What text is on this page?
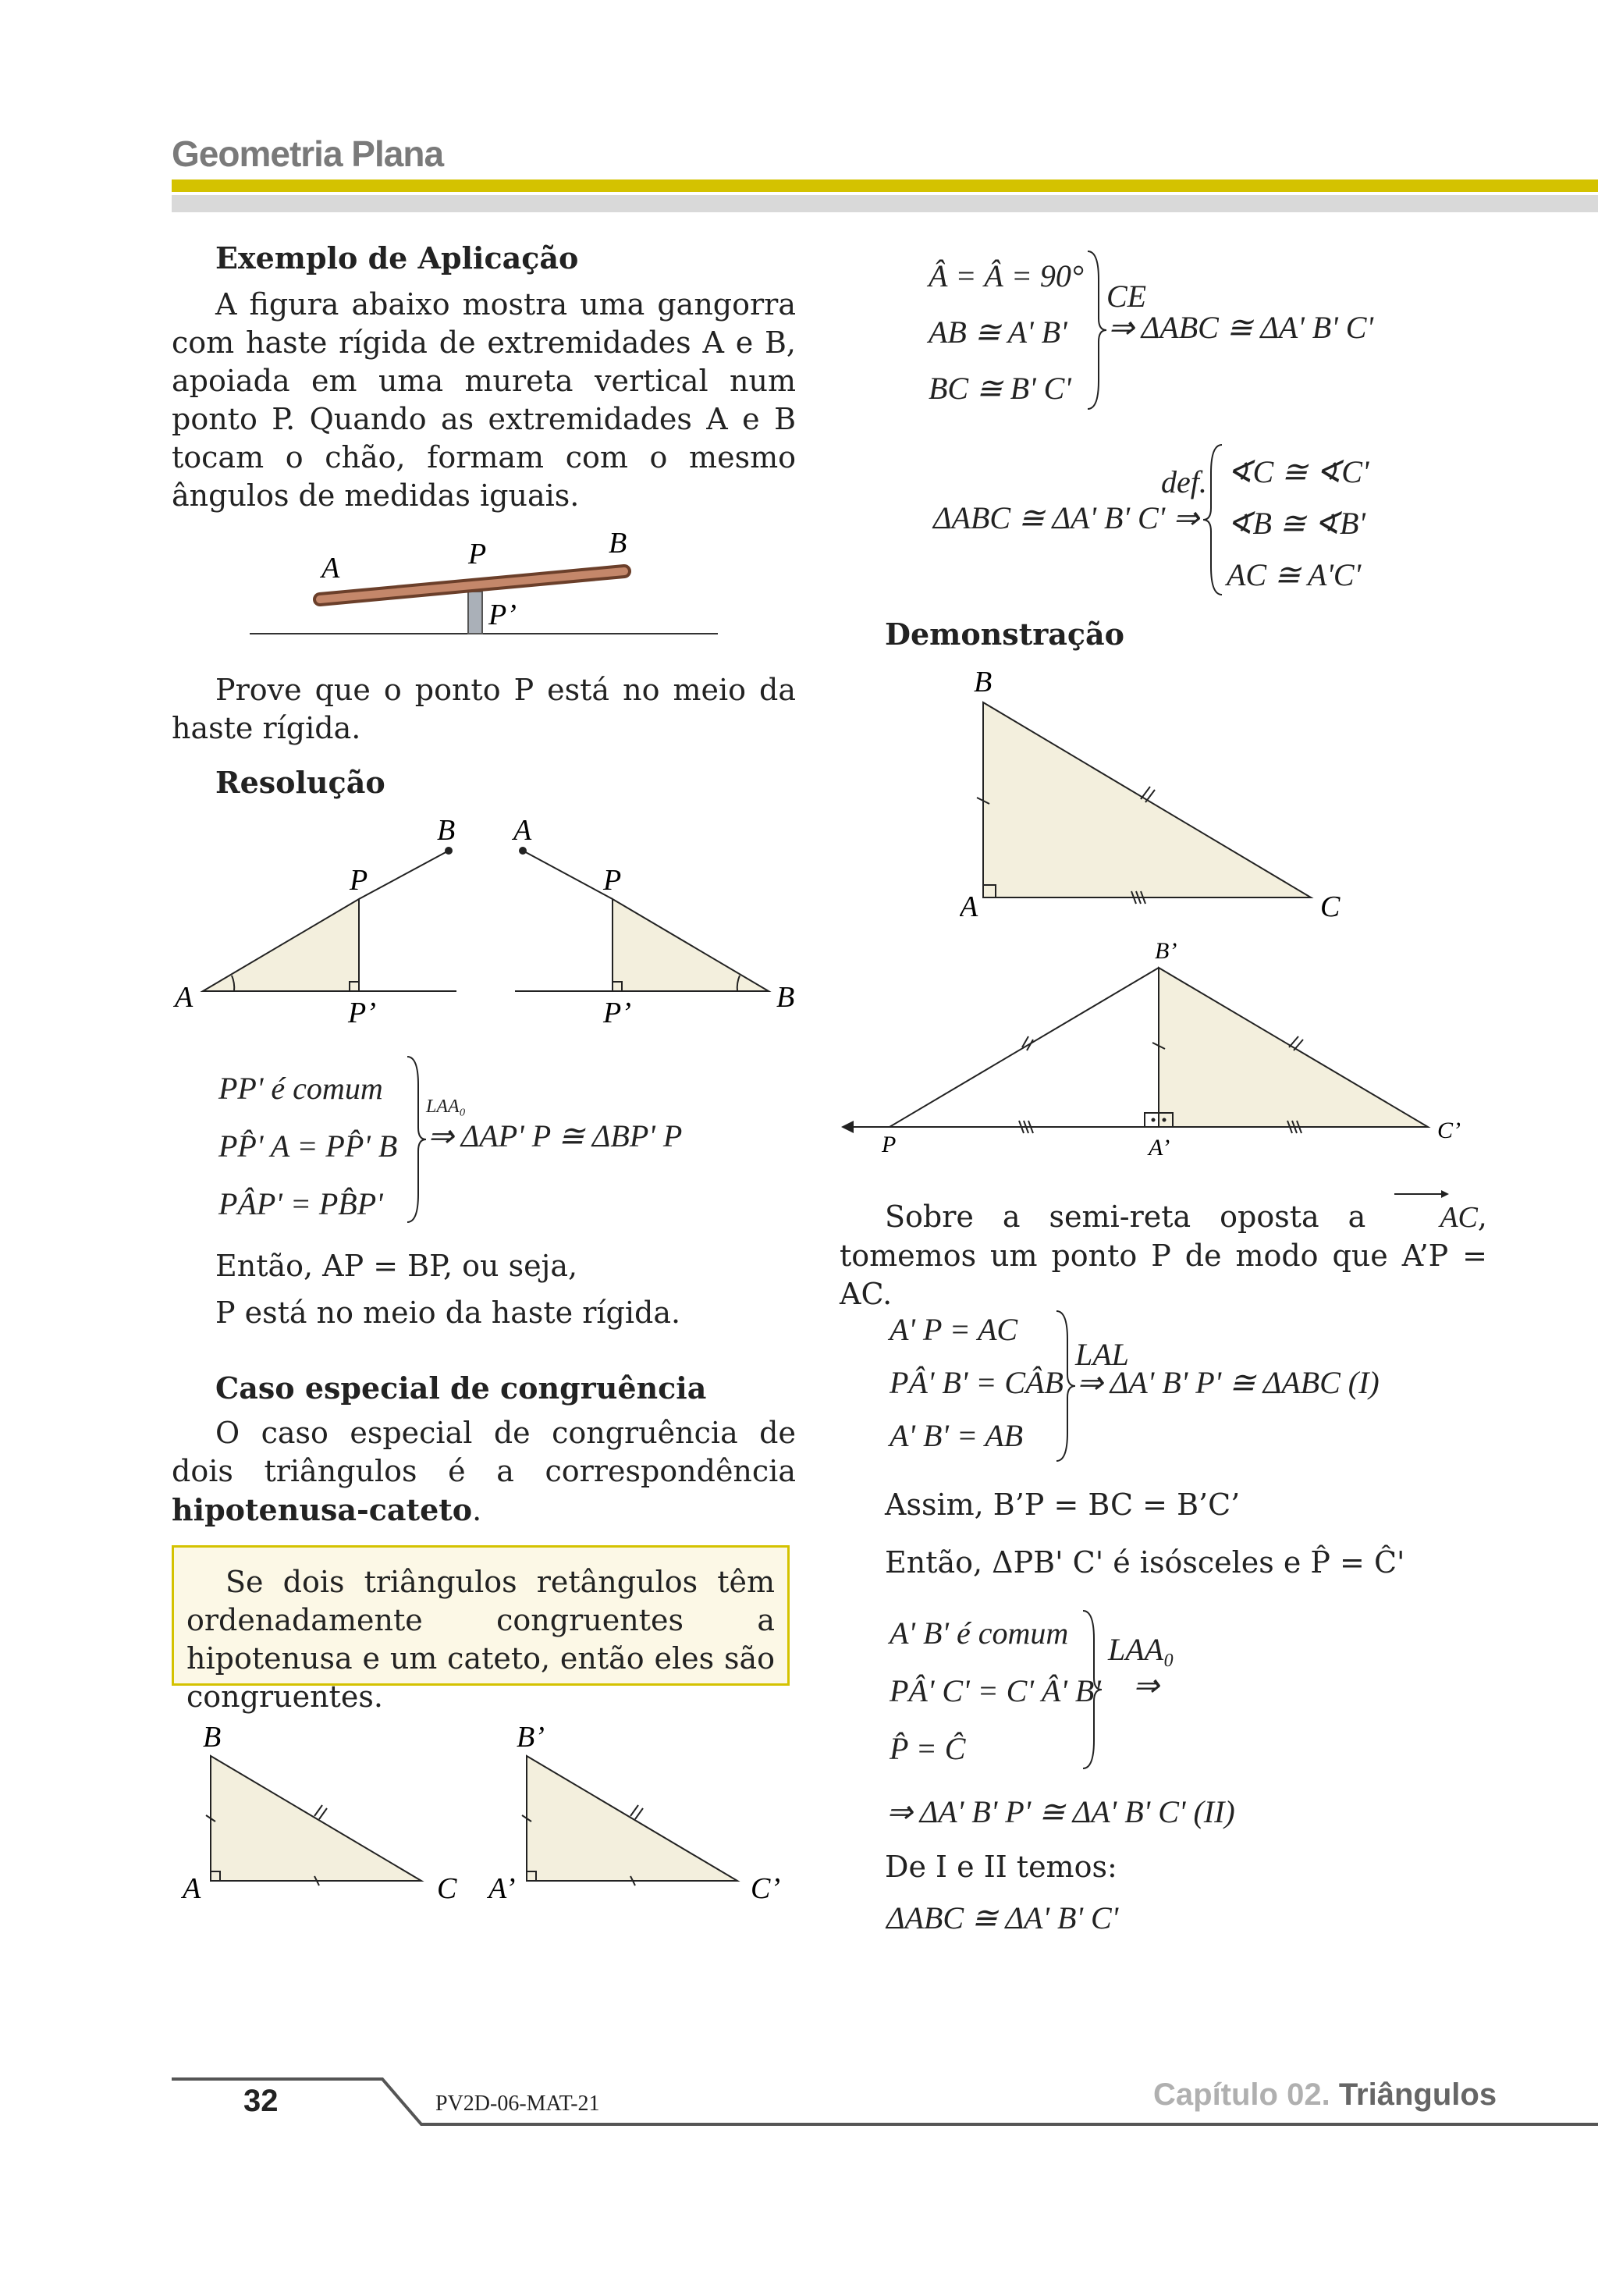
Geometria Plana
Exemplo de Aplicação
A figura abaixo mostra uma gangorra com haste rígida de extremidades A e B, apoiada em uma mureta vertical num ponto P. Quando as extremidades A e B tocam o chão, formam com o mesmo ângulos de medidas iguais.
A	P	B
P’
Prove que o ponto P está no meio da haste rígida.
Resolução
A
P
B
P’
A
P
B
P’
PP' é comum
PP̂' A = PP̂' B
PÂP' = PB̂P'
LAA₀
⇒ ΔAP' P ≅ ΔBP' P
Então, AP = BP, ou seja,
P está no meio da haste rígida.
Caso especial de congruência
O caso especial de congruência de dois triângulos é a correspondência hipotenusa-cateto.
Se dois triângulos retângulos têm ordenadamente congruentes a hipotenusa e um cateto, então eles são congruentes.
B
A	C
B’
A’	C’
Â = Â = 90°
AB ≅ A' B'
BC ≅ B' C'
CE
⇒ ΔABC ≅ ΔA' B' C'
ΔABC ≅ ΔA' B' C' ⇒
def. ∢C ≅ ∢C'
∢B ≅ ∢B'
AC ≅ A'C'
Demonstração
B
A	C
B’
P	A’
C’
Sobre a semi-reta oposta a
AC, tomemos um ponto P de modo que A’P = AC.
A' P = AC
PÂ' B' = CÂB
A' B' = AB
LAL
⇒ ΔA' B' P' ≅ ΔABC (I)
Assim, B’P = BC = B’C’
Então, ΔPB' C' é isósceles e P̂ = Ĉ'
A' B' é comum
PÂ' C' = C' Â' B'
P̂ = Ĉ
LAA₀
⇒
⇒ ΔA' B' P' ≅ ΔA' B' C' (II)
De I e II temos:
ΔABC ≅ ΔA' B' C'
32	PV2D-06-MAT-21	Capítulo 02. Triângulos
